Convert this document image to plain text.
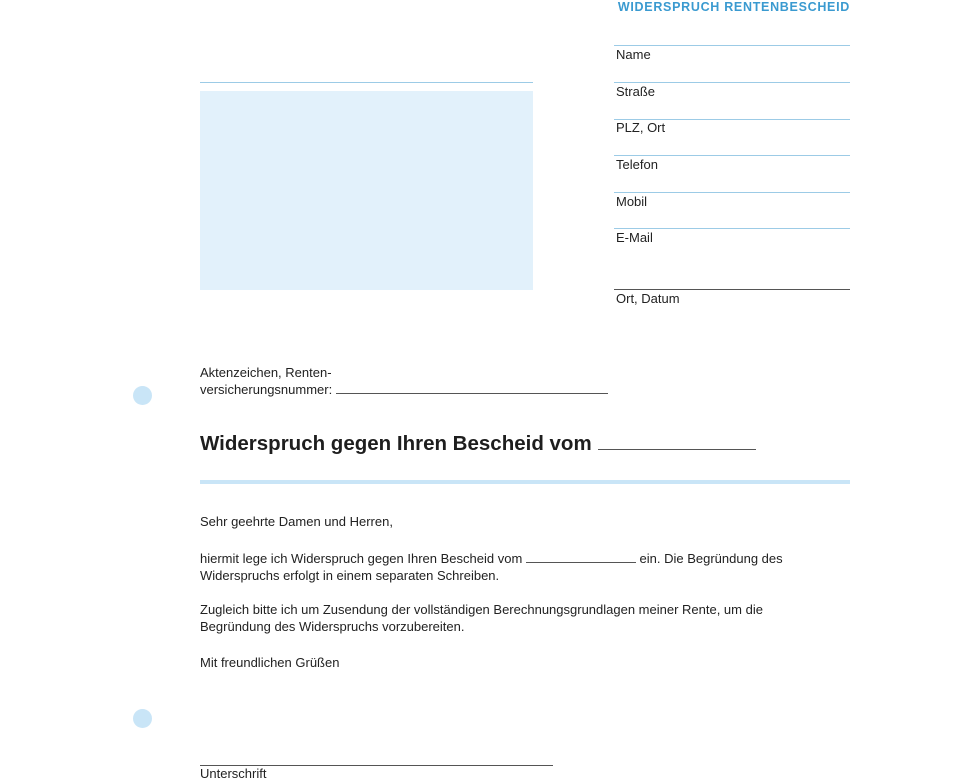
WIDERSPRUCH RENTENBESCHEID
Name
Straße
PLZ, Ort
Telefon
Mobil
E-Mail
Ort, Datum
Aktenzeichen, Renten-
versicherungsnummer:
Widerspruch gegen Ihren Bescheid vom
Sehr geehrte Damen und Herren,
hiermit lege ich Widerspruch gegen Ihren Bescheid vom	ein. Die Begründung des Widerspruchs erfolgt in einem separaten Schreiben.
Zugleich bitte ich um Zusendung der vollständigen Berechnungsgrundlagen meiner Rente, um die Begründung des Widerspruchs vorzubereiten.
Mit freundlichen Grüßen
Unterschrift
